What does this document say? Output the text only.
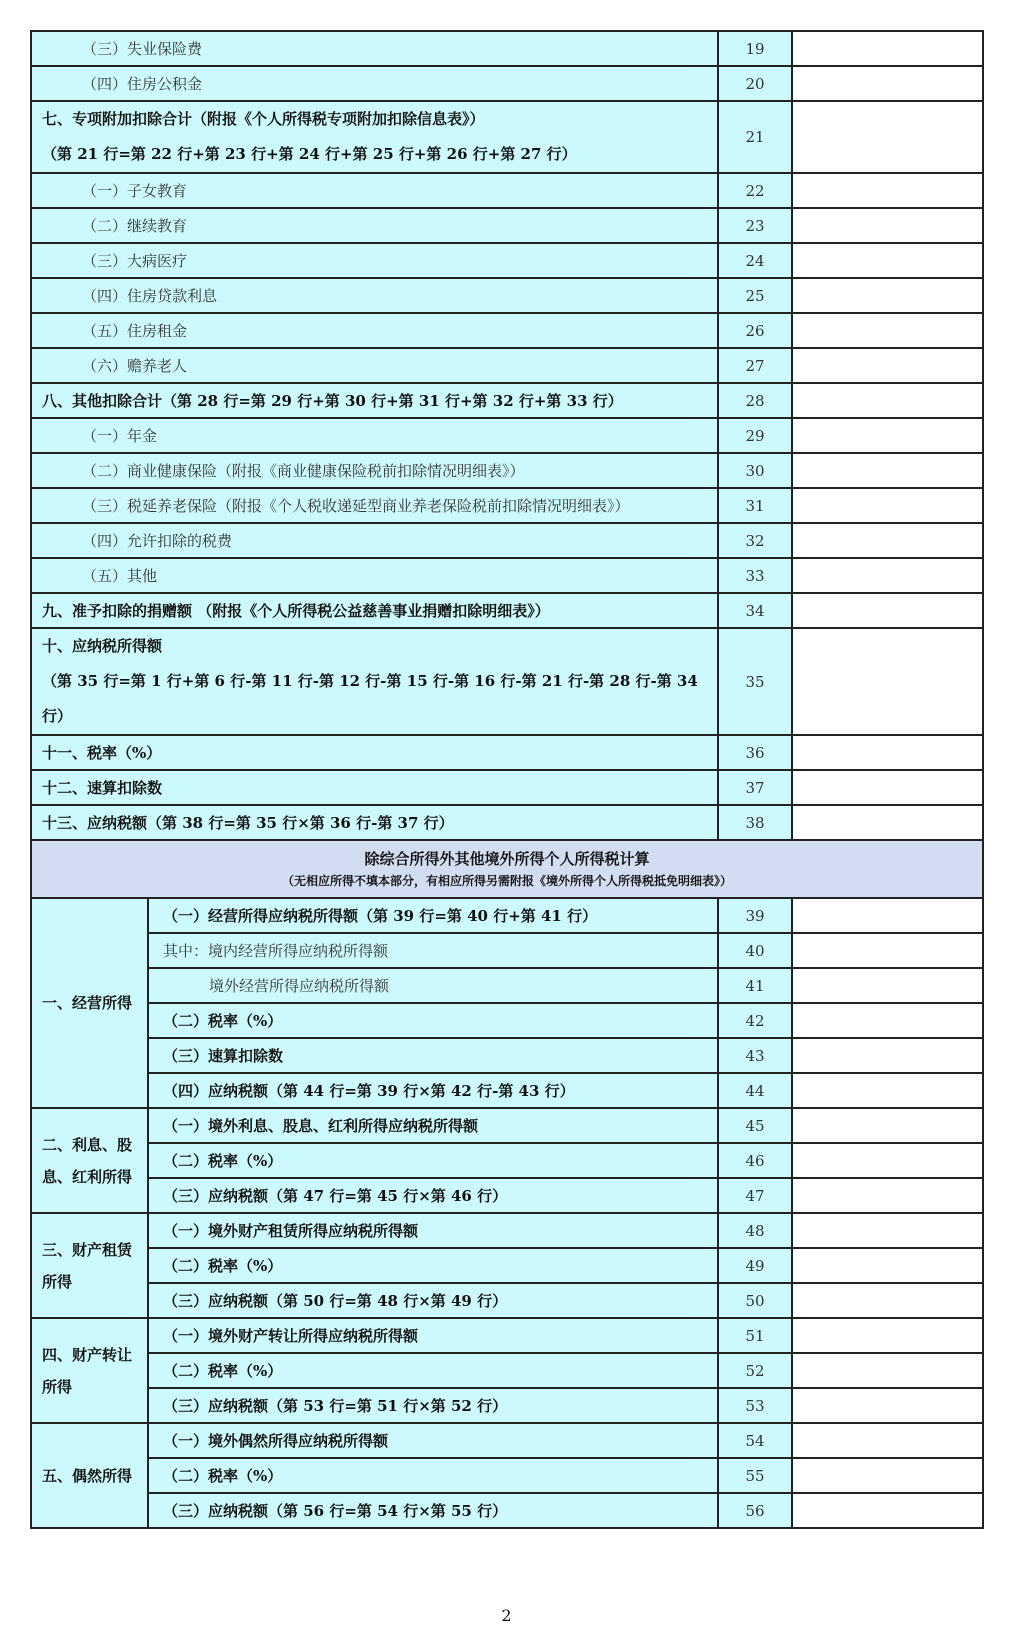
（三）失业保险费		19	
（四）住房公积金		20	
七、专项附加扣除合计（附报《个人所得税专项附加扣除信息表》）
（第 21 行=第 22 行+第 23 行+第 24 行+第 25 行+第 26 行+第 27 行）		21	
（一）子女教育		22	
（二）继续教育		23	
（三）大病医疗		24	
（四）住房贷款利息		25	
（五）住房租金		26	
（六）赡养老人		27	
八、其他扣除合计（第 28 行=第 29 行+第 30 行+第 31 行+第 32 行+第 33 行）		28	
（一）年金		29	
（二）商业健康保险（附报《商业健康保险税前扣除情况明细表》）		30	
（三）税延养老保险（附报《个人税收递延型商业养老保险税前扣除情况明细表》）		31	
（四）允许扣除的税费		32	
（五）其他		33	
九、准予扣除的捐赠额 （附报《个人所得税公益慈善事业捐赠扣除明细表》）		34	
十、应纳税所得额
（第 35 行=第 1 行+第 6 行-第 11 行-第 12 行-第 15 行-第 16 行-第 21 行-第 28 行-第 34 行）		35	
十一、税率（%）		36	
十二、速算扣除数		37	
十三、应纳税额（第 38 行=第 35 行×第 36 行-第 37 行）		38	

除综合所得外其他境外所得个人所得税计算
（无相应所得不填本部分，有相应所得另需附报《境外所得个人所得税抵免明细表》）			

一、经营所得	（一）经营所得应纳税所得额（第 39 行=第 40 行+第 41 行）	39	
	其中：境内经营所得应纳税所得额	40	
	境外经营所得应纳税所得额	41	
	（二）税率（%）	42	
	（三）速算扣除数	43	
	（四）应纳税额（第 44 行=第 39 行×第 42 行-第 43 行）	44	
二、利息、股息、红利所得	（一）境外利息、股息、红利所得应纳税所得额	45	
	（二）税率（%）	46	
	（三）应纳税额（第 47 行=第 45 行×第 46 行）	47	
三、财产租赁所得	（一）境外财产租赁所得应纳税所得额	48	
	（二）税率（%）	49	
	（三）应纳税额（第 50 行=第 48 行×第 49 行）	50	
四、财产转让所得	（一）境外财产转让所得应纳税所得额	51	
	（二）税率（%）	52	
	（三）应纳税额（第 53 行=第 51 行×第 52 行）	53	
五、偶然所得	（一）境外偶然所得应纳税所得额	54	
	（二）税率（%）	55	
	（三）应纳税额（第 56 行=第 54 行×第 55 行）	56	
2
